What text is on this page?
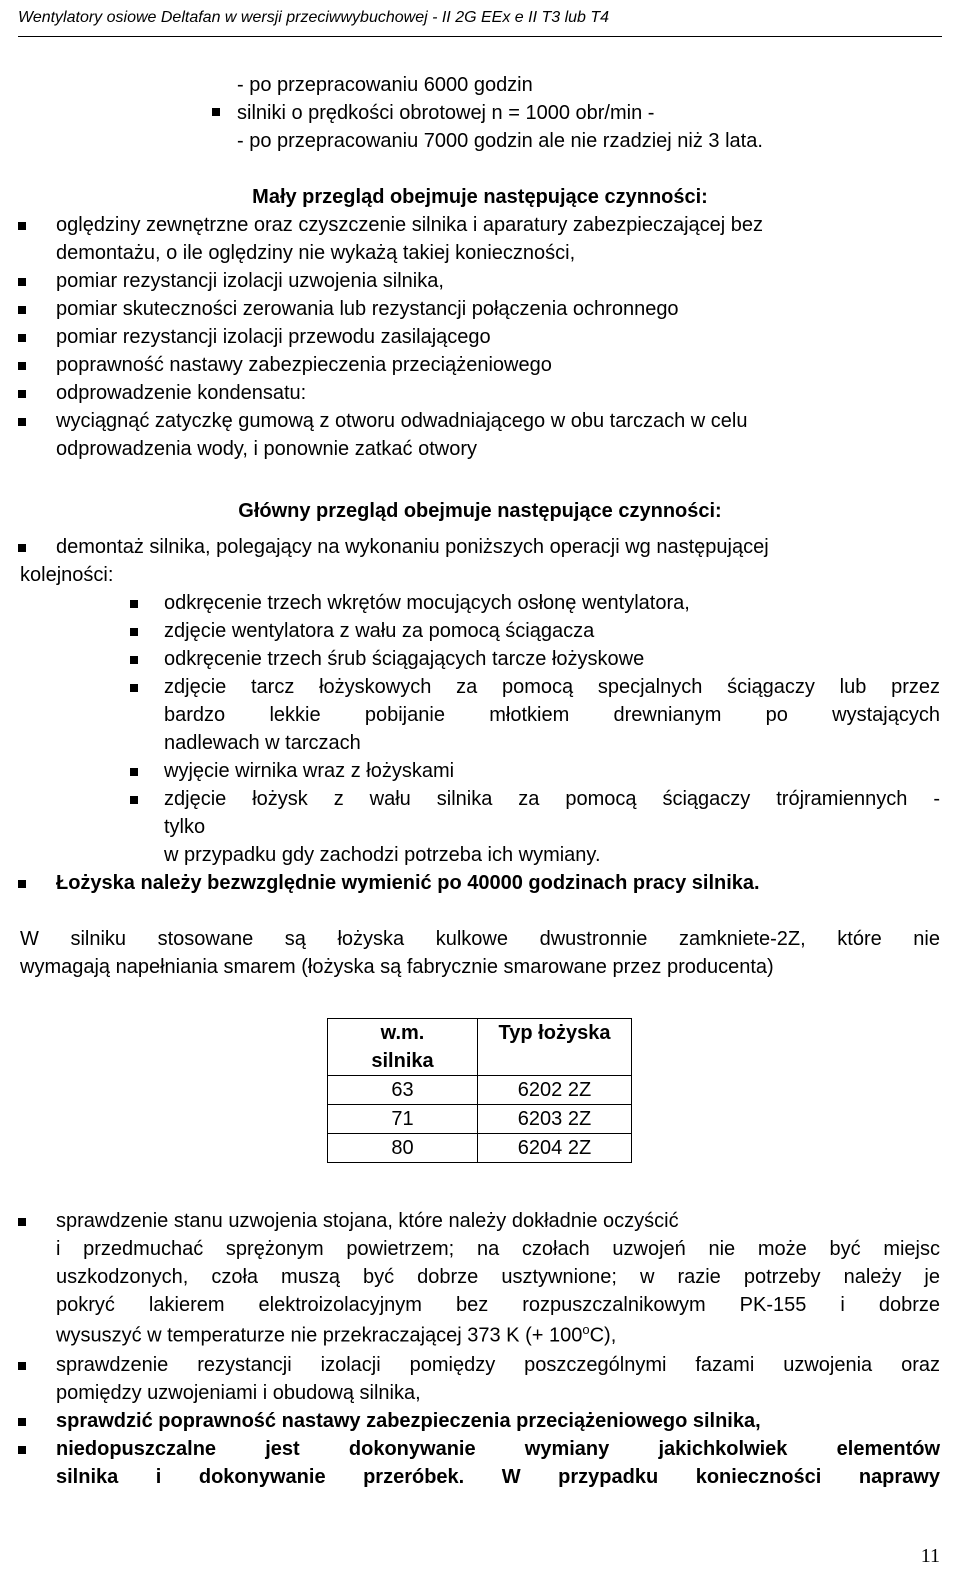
Wentylatory osiowe Deltafan w wersji przeciwwybuchowej - II 2G EEx e II T3 lub T4
- po przepracowaniu 6000 godzin
silniki o prędkości obrotowej n = 1000 obr/min -
- po przepracowaniu 7000 godzin ale nie rzadziej niż 3 lata.
Mały przegląd obejmuje następujące czynności:
oględziny zewnętrzne oraz czyszczenie silnika i aparatury zabezpieczającej bez
demontażu, o ile oględziny nie wykażą takiej konieczności,
pomiar rezystancji izolacji uzwojenia silnika,
pomiar skuteczności zerowania lub rezystancji połączenia ochronnego
pomiar rezystancji izolacji przewodu zasilającego
poprawność nastawy zabezpieczenia przeciążeniowego
odprowadzenie kondensatu:
wyciągnąć zatyczkę gumową z otworu odwadniającego w obu tarczach w celu
odprowadzenia wody, i ponownie zatkać otwory
Główny przegląd obejmuje następujące czynności:
demontaż silnika, polegający na wykonaniu poniższych operacji wg następującej
kolejności:
odkręcenie trzech wkrętów mocujących osłonę wentylatora,
zdjęcie wentylatora z wału za pomocą ściągacza
odkręcenie trzech śrub ściągających tarcze łożyskowe
zdjęcie tarcz łożyskowych za pomocą specjalnych ściągaczy lub przez
bardzo lekkie pobijanie młotkiem drewnianym po wystających
nadlewach w tarczach
wyjęcie wirnika wraz z łożyskami
zdjęcie łożysk z wału silnika za pomocą ściągaczy trójramiennych -
tylko
w przypadku gdy zachodzi potrzeba ich wymiany.
Łożyska należy bezwzględnie wymienić po 40000 godzinach pracy silnika.
W silniku stosowane są łożyska kulkowe dwustronnie zamkniete-2Z, które nie
wymagają napełniania smarem (łożyska są fabrycznie smarowane przez producenta)
w.m.
silnika	Typ łożyska
63	6202 2Z
71	6203 2Z
80	6204 2Z
sprawdzenie stanu uzwojenia stojana, które należy dokładnie oczyścić
i przedmuchać sprężonym powietrzem; na czołach uzwojeń nie może być miejsc
uszkodzonych, czoła muszą być dobrze usztywnione; w razie potrzeby należy je
pokryć lakierem elektroizolacyjnym bez rozpuszczalnikowym PK-155 i dobrze
wysuszyć w temperaturze nie przekraczającej 373 K (+ $100^oC$),
sprawdzenie rezystancji izolacji pomiędzy poszczególnymi fazami uzwojenia oraz
pomiędzy uzwojeniami i obudową silnika,
sprawdzić poprawność nastawy zabezpieczenia przeciążeniowego silnika,
niedopuszczalne jest dokonywanie wymiany jakichkolwiek elementów
silnika i dokonywanie przeróbek. W przypadku konieczności naprawy
11
